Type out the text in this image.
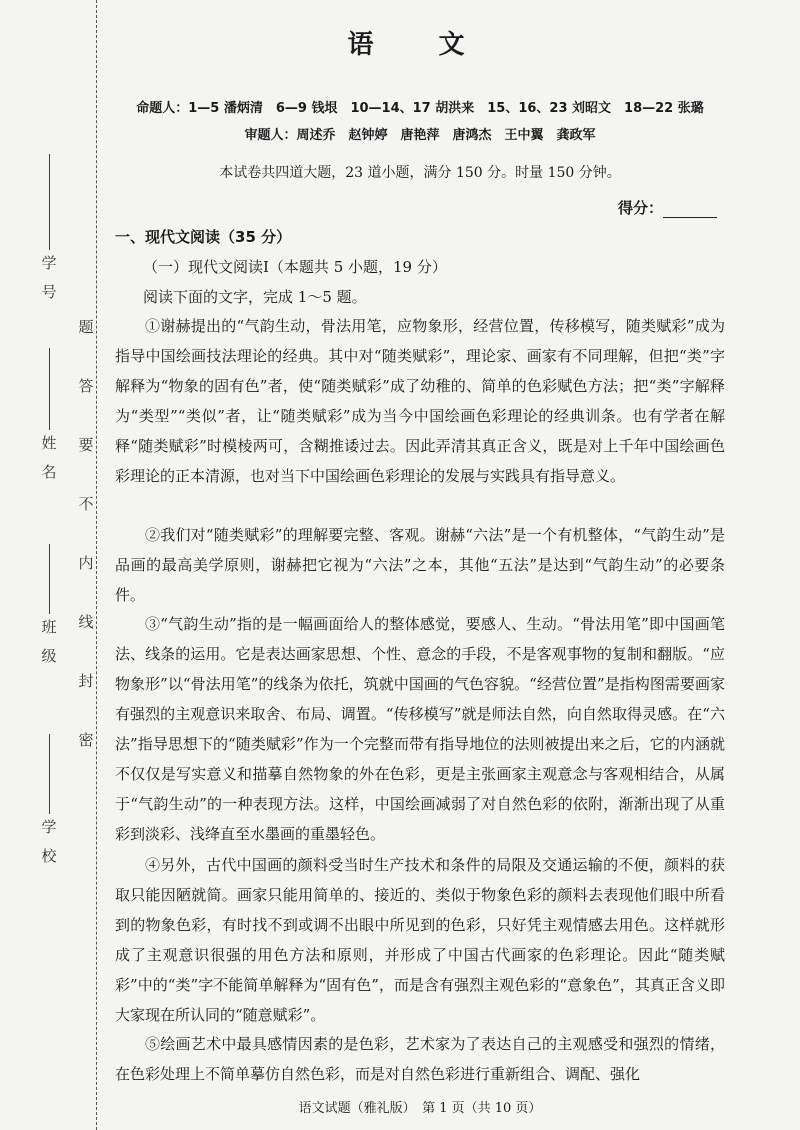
题
答
要
不
内
线
封
密
学
号
姓
名
班
级
学
校
语 文
命题人：1—5 潘炳清　6—9 钱垠　10—14、17 胡洪来　15、16、23 刘昭文　18—22 张璐
审题人：周述乔　赵钟婷　唐艳萍　唐鸿杰　王中翼　龚政军
本试卷共四道大题，23 道小题，满分 150 分。时量 150 分钟。
得分：
一、现代文阅读（35 分）
（一）现代文阅读Ⅰ（本题共 5 小题，19 分）
阅读下面的文字，完成 1～5 题。

①谢赫提出的“气韵生动，骨法用笔，应物象形，经营位置，传移模写，随类赋彩”成为指导中国绘画技法理论的经典。其中对“随类赋彩”，理论家、画家有不同理解，但把“类”字解释为“物象的固有色”者，使“随类赋彩”成了幼稚的、简单的色彩赋色方法；把“类”字解释为“类型”“类似”者，让“随类赋彩”成为当今中国绘画色彩理论的经典训条。也有学者在解释“随类赋彩”时模棱两可，含糊推诿过去。因此弄清其真正含义，既是对上千年中国绘画色彩理论的正本清源，也对当下中国绘画色彩理论的发展与实践具有指导意义。

②我们对“随类赋彩”的理解要完整、客观。谢赫“六法”是一个有机整体，“气韵生动”是品画的最高美学原则，谢赫把它视为“六法”之本，其他“五法”是达到“气韵生动”的必要条件。

③“气韵生动”指的是一幅画面给人的整体感觉，要感人、生动。“骨法用笔”即中国画笔法、线条的运用。它是表达画家思想、个性、意念的手段，不是客观事物的复制和翻版。“应物象形”以“骨法用笔”的线条为依托，筑就中国画的气色容貌。“经营位置”是指构图需要画家有强烈的主观意识来取舍、布局、调置。“传移模写”就是师法自然，向自然取得灵感。在“六法”指导思想下的“随类赋彩”作为一个完整而带有指导地位的法则被提出来之后，它的内涵就不仅仅是写实意义和描摹自然物象的外在色彩，更是主张画家主观意念与客观相结合，从属于“气韵生动”的一种表现方法。这样，中国绘画减弱了对自然色彩的依附，渐渐出现了从重彩到淡彩、浅绛直至水墨画的重墨轻色。

④另外，古代中国画的颜料受当时生产技术和条件的局限及交通运输的不便，颜料的获取只能因陋就简。画家只能用简单的、接近的、类似于物象色彩的颜料去表现他们眼中所看到的物象色彩，有时找不到或调不出眼中所见到的色彩，只好凭主观情感去用色。这样就形成了主观意识很强的用色方法和原则，并形成了中国古代画家的色彩理论。因此“随类赋彩”中的“类”字不能简单解释为“固有色”，而是含有强烈主观色彩的“意象色”，其真正含义即大家现在所认同的“随意赋彩”。

⑤绘画艺术中最具感情因素的是色彩，艺术家为了表达自己的主观感受和强烈的情绪，在色彩处理上不简单摹仿自然色彩，而是对自然色彩进行重新组合、调配、强化

语文试题（雅礼版）　第 1 页（共 10 页）
